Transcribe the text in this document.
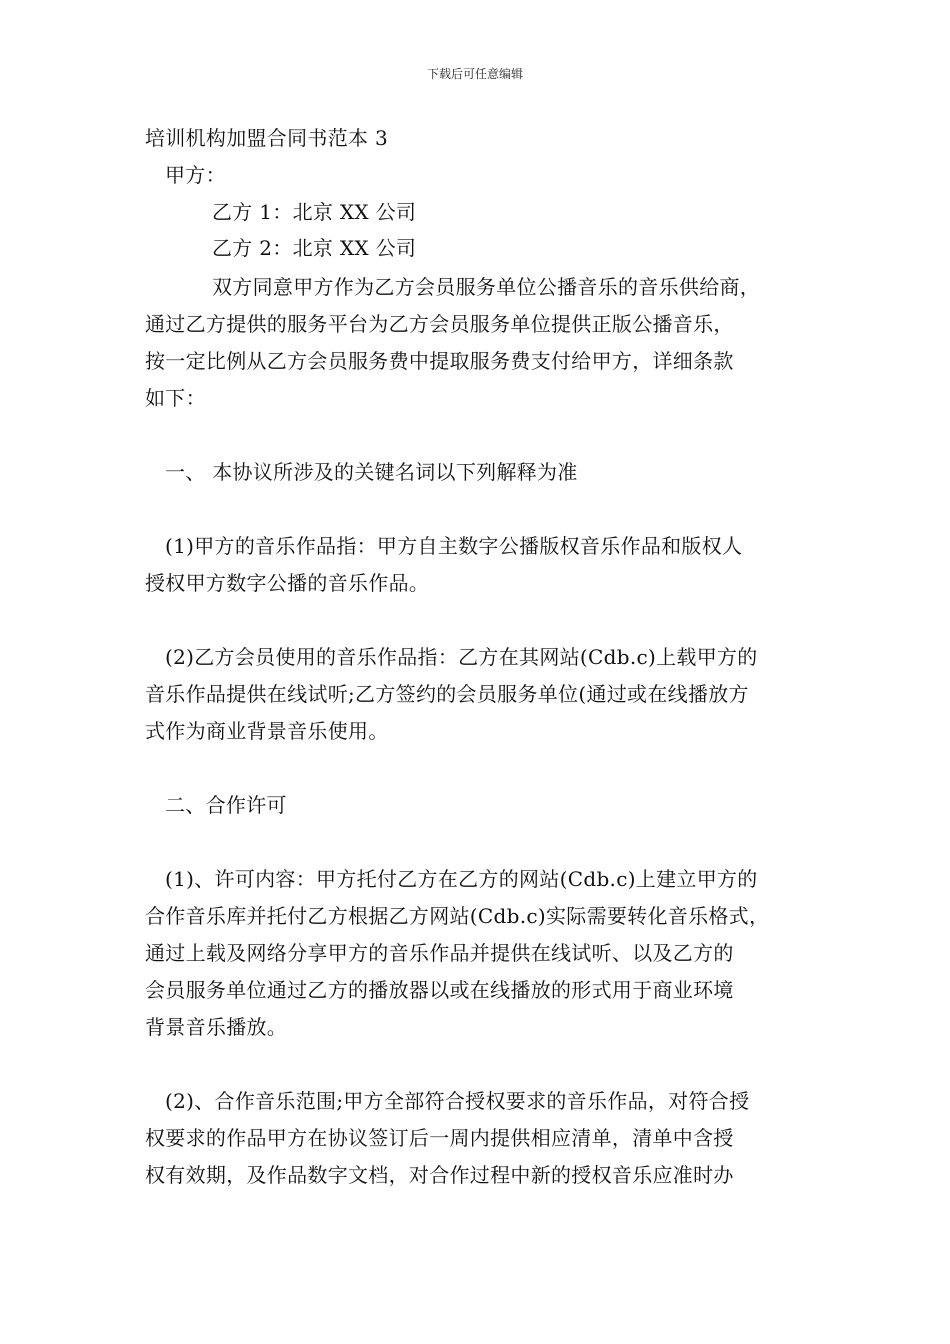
下载后可任意编辑
培训机构加盟合同书范本 3
甲方：
乙方 1：北京 XX 公司
乙方 2：北京 XX 公司
双方同意甲方作为乙方会员服务单位公播音乐的音乐供给商，
通过乙方提供的服务平台为乙方会员服务单位提供正版公播音乐，
按一定比例从乙方会员服务费中提取服务费支付给甲方，详细条款
如下：
一、 本协议所涉及的关键名词以下列解释为准
(1)甲方的音乐作品指：甲方自主数字公播版权音乐作品和版权人
授权甲方数字公播的音乐作品。
(2)乙方会员使用的音乐作品指：乙方在其网站(Cdb.c)上载甲方的
音乐作品提供在线试听;乙方签约的会员服务单位(通过或在线播放方
式作为商业背景音乐使用。
二、合作许可
(1)、许可内容：甲方托付乙方在乙方的网站(Cdb.c)上建立甲方的
合作音乐库并托付乙方根据乙方网站(Cdb.c)实际需要转化音乐格式，
通过上载及网络分享甲方的音乐作品并提供在线试听、以及乙方的
会员服务单位通过乙方的播放器以或在线播放的形式用于商业环境
背景音乐播放。
(2)、合作音乐范围;甲方全部符合授权要求的音乐作品，对符合授
权要求的作品甲方在协议签订后一周内提供相应清单，清单中含授
权有效期，及作品数字文档，对合作过程中新的授权音乐应准时办
